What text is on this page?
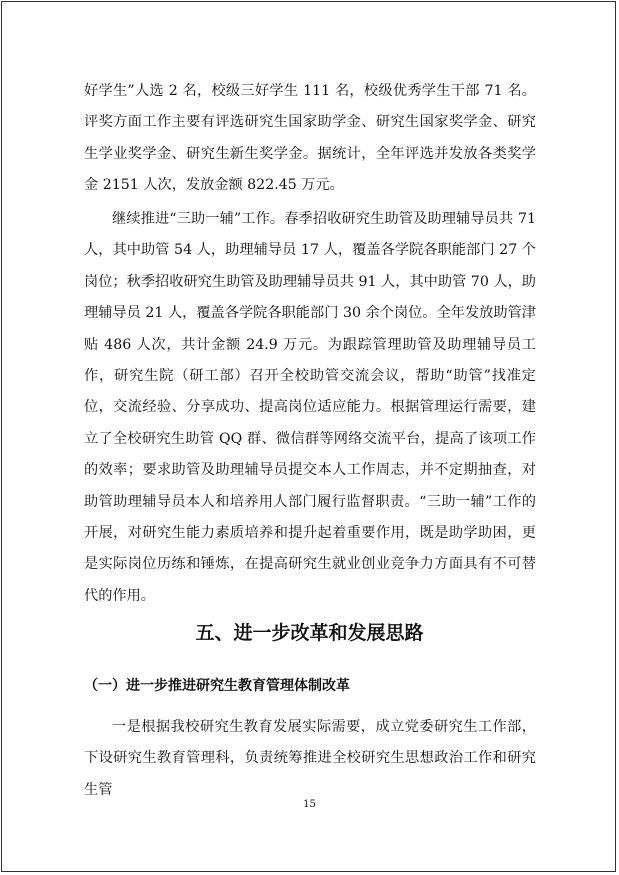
好学生”人选 2 名，校级三好学生 111 名，校级优秀学生干部 71 名。评奖方面工作主要有评选研究生国家助学金、研究生国家奖学金、研究生学业奖学金、研究生新生奖学金。据统计，全年评选并发放各类奖学金 2151 人次，发放金额 822.45 万元。

继续推进“三助一辅”工作。春季招收研究生助管及助理辅导员共 71 人，其中助管 54 人，助理辅导员 17 人，覆盖各学院各职能部门 27 个岗位；秋季招收研究生助管及助理辅导员共 91 人，其中助管 70 人，助理辅导员 21 人，覆盖各学院各职能部门 30 余个岗位。全年发放助管津贴 486 人次，共计金额 24.9 万元。为跟踪管理助管及助理辅导员工作，研究生院（研工部）召开全校助管交流会议，帮助“助管”找准定位，交流经验、分享成功、提高岗位适应能力。根据管理运行需要，建立了全校研究生助管 QQ 群、微信群等网络交流平台，提高了该项工作的效率；要求助管及助理辅导员提交本人工作周志，并不定期抽查，对助管助理辅导员本人和培养用人部门履行监督职责。“三助一辅”工作的开展，对研究生能力素质培养和提升起着重要作用，既是助学助困，更是实际岗位历练和锤炼，在提高研究生就业创业竞争力方面具有不可替代的作用。

五、进一步改革和发展思路
（一）进一步推进研究生教育管理体制改革

一是根据我校研究生教育发展实际需要，成立党委研究生工作部，下设研究生教育管理科，负责统筹推进全校研究生思想政治工作和研究生管

15
